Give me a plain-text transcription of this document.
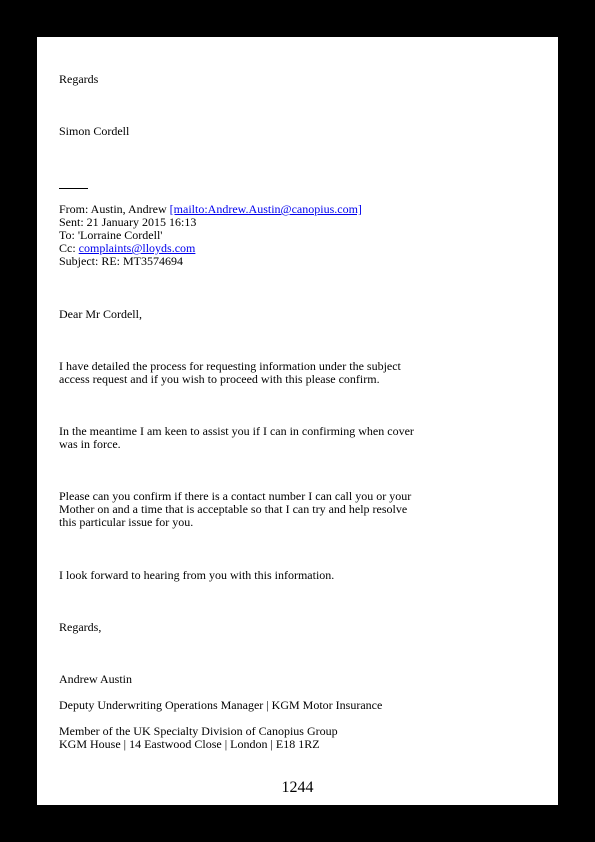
Regards
Simon Cordell
From: Austin, Andrew [mailto:Andrew.Austin@canopius.com]
Sent: 21 January 2015 16:13
To: 'Lorraine Cordell'
Cc: complaints@lloyds.com
Subject: RE: MT3574694
Dear Mr Cordell,
I have detailed the process for requesting information under the subject
access request and if you wish to proceed with this please confirm.
In the meantime I am keen to assist you if I can in confirming when cover
was in force.
Please can you confirm if there is a contact number I can call you or your
Mother on and a time that is acceptable so that I can try and help resolve
this particular issue for you.
I look forward to hearing from you with this information.
Regards,
Andrew Austin
Deputy Underwriting Operations Manager | KGM Motor Insurance
Member of the UK Specialty Division of Canopius Group
KGM House | 14 Eastwood Close | London | E18 1RZ
1244
